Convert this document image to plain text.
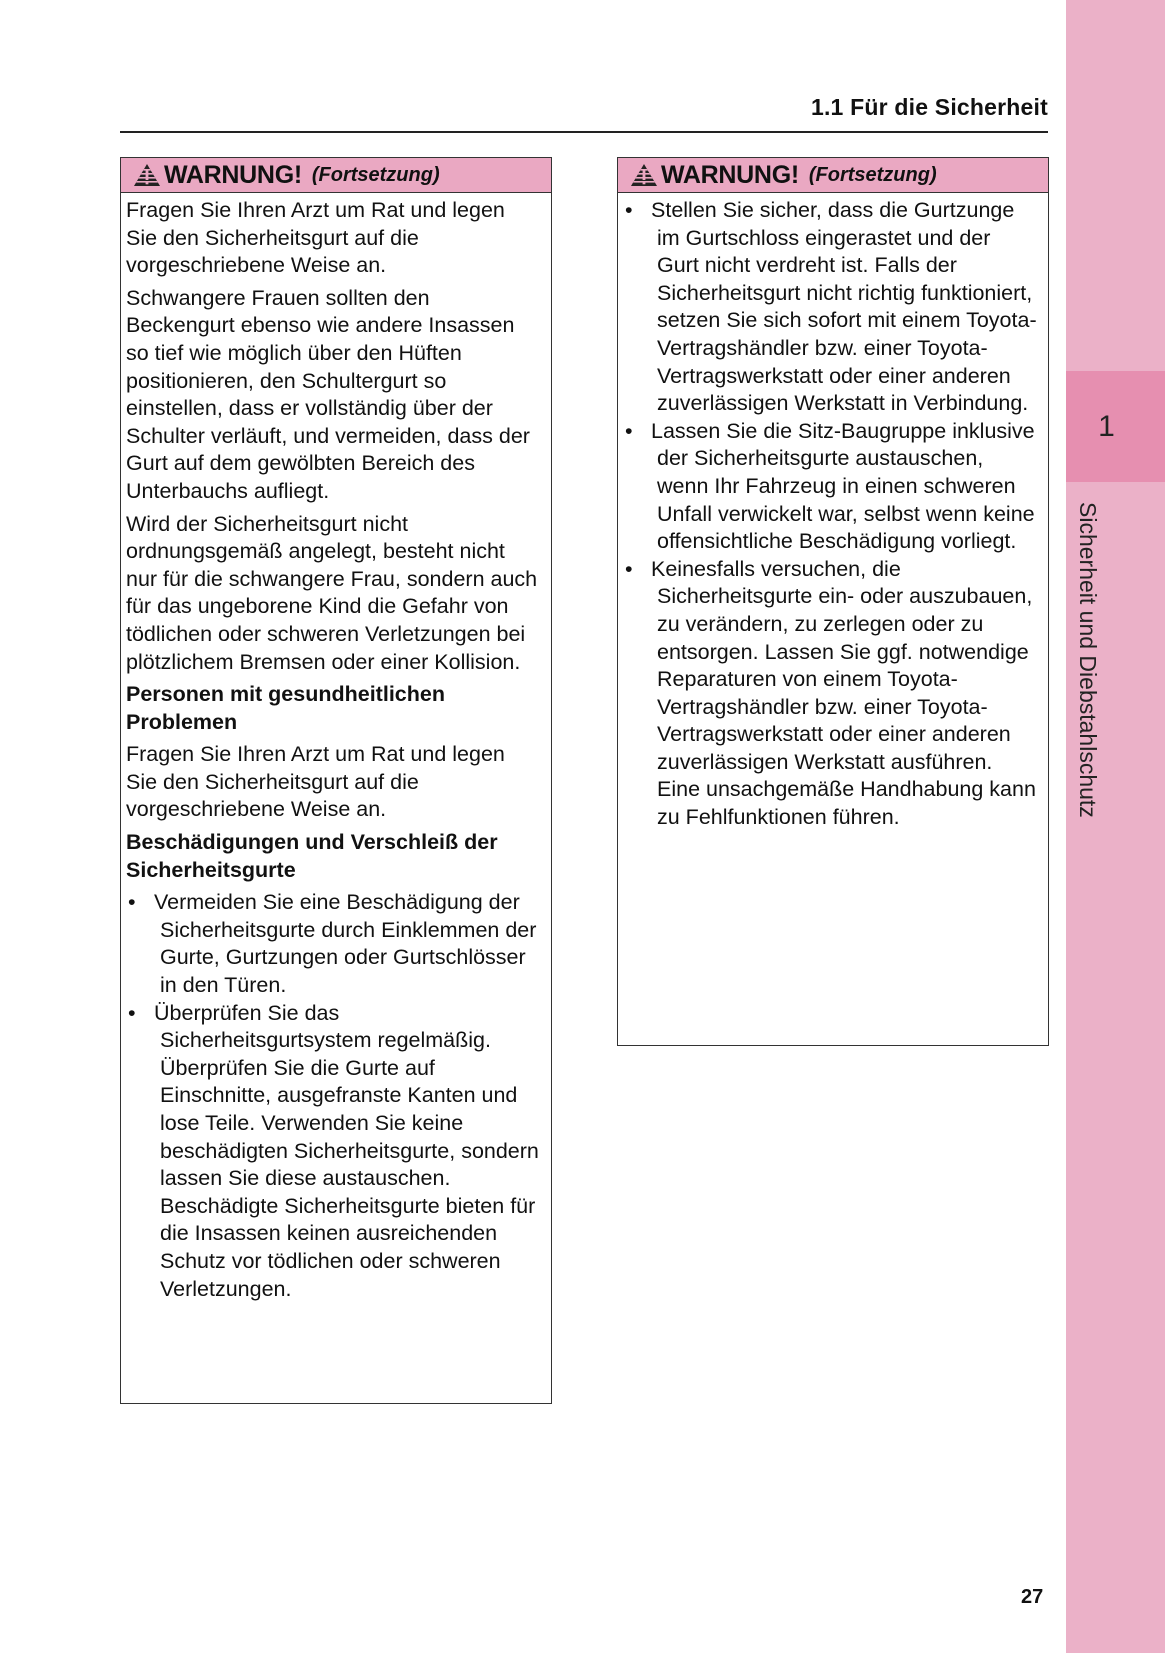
1
Sicherheit und Diebstahlschutz
1.1 Für die Sicherheit
WARNUNG! (Fortsetzung)

Fragen Sie Ihren Arzt um Rat und legen Sie den Sicherheitsgurt auf die vorgeschriebene Weise an.

Schwangere Frauen sollten den Beckengurt ebenso wie andere Insassen so tief wie möglich über den Hüften positionieren, den Schultergurt so einstellen, dass er vollständig über der Schulter verläuft, und vermeiden, dass der Gurt auf dem gewölbten Bereich des Unterbauchs aufliegt.

Wird der Sicherheitsgurt nicht ordnungsgemäß angelegt, besteht nicht nur für die schwangere Frau, sondern auch für das ungeborene Kind die Gefahr von tödlichen oder schweren Verletzungen bei plötzlichem Bremsen oder einer Kollision.

Personen mit gesundheitlichen Problemen

Fragen Sie Ihren Arzt um Rat und legen Sie den Sicherheitsgurt auf die vorgeschriebene Weise an.

Beschädigungen und Verschleiß der Sicherheitsgurte

• Vermeiden Sie eine Beschädigung der Sicherheitsgurte durch Einklemmen der Gurte, Gurtzungen oder Gurtschlösser in den Türen.
• Überprüfen Sie das Sicherheitsgurtsystem regelmäßig. Überprüfen Sie die Gurte auf Einschnitte, ausgefranste Kanten und lose Teile. Verwenden Sie keine beschädigten Sicherheitsgurte, sondern lassen Sie diese austauschen. Beschädigte Sicherheitsgurte bieten für die Insassen keinen ausreichenden Schutz vor tödlichen oder schweren Verletzungen.
WARNUNG! (Fortsetzung)
• Stellen Sie sicher, dass die Gurtzunge im Gurtschloss eingerastet und der Gurt nicht verdreht ist. Falls der Sicherheitsgurt nicht richtig funktioniert, setzen Sie sich sofort mit einem Toyota-Vertragshändler bzw. einer Toyota-Vertragswerkstatt oder einer anderen zuverlässigen Werkstatt in Verbindung.
• Lassen Sie die Sitz-Baugruppe inklusive der Sicherheitsgurte austauschen, wenn Ihr Fahrzeug in einen schweren Unfall verwickelt war, selbst wenn keine offensichtliche Beschädigung vorliegt.
• Keinesfalls versuchen, die Sicherheitsgurte ein- oder auszubauen, zu verändern, zu zerlegen oder zu entsorgen. Lassen Sie ggf. notwendige Reparaturen von einem Toyota-Vertragshändler bzw. einer Toyota-Vertragswerkstatt oder einer anderen zuverlässigen Werkstatt ausführen. Eine unsachgemäße Handhabung kann zu Fehlfunktionen führen.
27
